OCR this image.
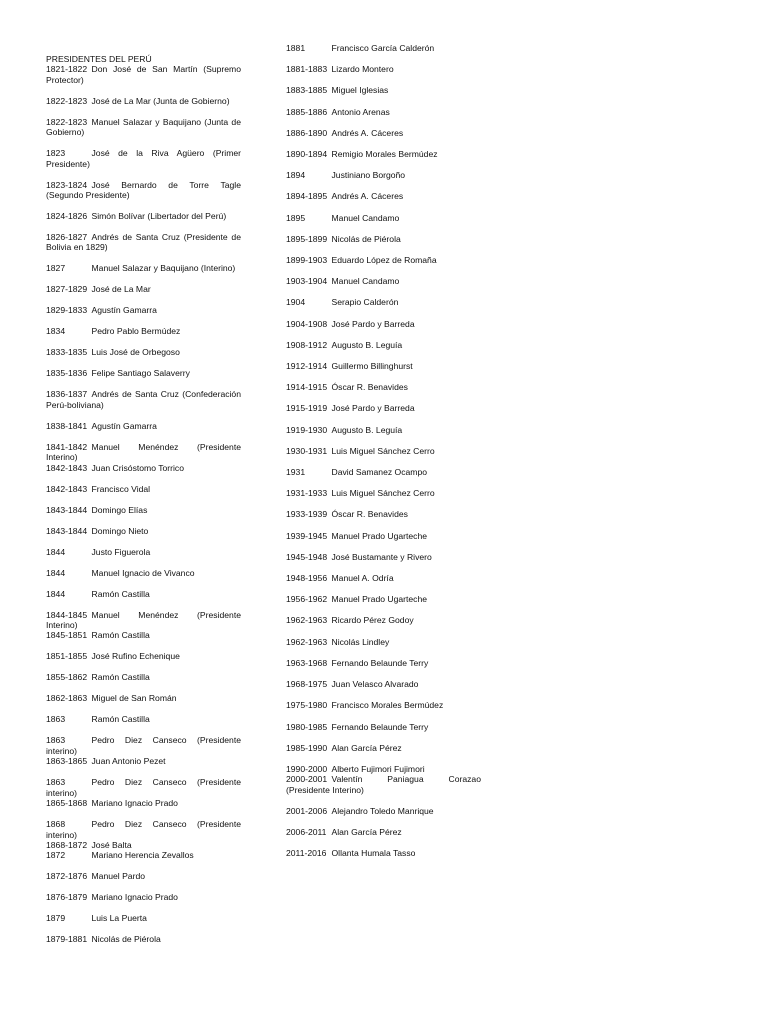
PRESIDENTES DEL PERÚ
1821-1822 Don José de San Martín (Supremo Protector)
1822-1823 José de La Mar (Junta de Gobierno)
1822-1823 Manuel Salazar y Baquijano (Junta de Gobierno)
1823	José de la Riva Agüero (Primer Presidente)
1823-1824 José Bernardo de Torre Tagle (Segundo Presidente)
1824-1826 Simón Bolívar (Libertador del Perú)
1826-1827 Andrés de Santa Cruz (Presidente de Bolivia en 1829)
1827	Manuel Salazar y Baquijano (Interino)
1827-1829 José de La Mar
1829-1833 Agustín Gamarra
1834	Pedro Pablo Bermúdez
1833-1835 Luis José de Orbegoso
1835-1836 Felipe Santiago Salaverry
1836-1837 Andrés de Santa Cruz (Confederación Perú-boliviana)
1838-1841 Agustín Gamarra
1841-1842 Manuel Menéndez (Presidente Interino)
1842-1843 Juan Crisóstomo Torrico
1842-1843 Francisco Vidal
1843-1844 Domingo Elías
1843-1844 Domingo Nieto
1844	Justo Figuerola
1844	Manuel Ignacio de Vivanco
1844	Ramón Castilla
1844-1845 Manuel Menéndez (Presidente Interino)
1845-1851 Ramón Castilla
1851-1855 José Rufino Echenique
1855-1862 Ramón Castilla
1862-1863 Miguel de San Román
1863	Ramón Castilla
1863	Pedro Diez Canseco (Presidente interino)
1863-1865 Juan Antonio Pezet
1863	Pedro Diez Canseco (Presidente interino)
1865-1868 Mariano Ignacio Prado
1868	Pedro Diez Canseco (Presidente interino)
1868-1872 José Balta
1872	Mariano Herencia Zevallos
1872-1876 Manuel Pardo
1876-1879 Mariano Ignacio Prado
1879	Luis La Puerta
1879-1881 Nicolás de Piérola
1881	Francisco García Calderón
1881-1883 Lizardo Montero
1883-1885 Miguel Iglesias
1885-1886 Antonio Arenas
1886-1890 Andrés A. Cáceres
1890-1894 Remigio Morales Bermúdez
1894	Justiniano Borgoño
1894-1895 Andrés A. Cáceres
1895	Manuel Candamo
1895-1899 Nicolás de Piérola
1899-1903 Eduardo López de Romaña
1903-1904 Manuel Candamo
1904	Serapio Calderón
1904-1908 José Pardo y Barreda
1908-1912 Augusto B. Leguía
1912-1914 Guillermo Billinghurst
1914-1915 Óscar R. Benavides
1915-1919 José Pardo y Barreda
1919-1930 Augusto B. Leguía
1930-1931 Luis Miguel Sánchez Cerro
1931	David Samanez Ocampo
1931-1933 Luis Miguel Sánchez Cerro
1933-1939 Óscar R. Benavides
1939-1945 Manuel Prado Ugarteche
1945-1948 José Bustamante y Rivero
1948-1956 Manuel A. Odría
1956-1962 Manuel Prado Ugarteche
1962-1963 Ricardo Pérez Godoy
1962-1963 Nicolás Lindley
1963-1968 Fernando Belaunde Terry
1968-1975 Juan Velasco Alvarado
1975-1980 Francisco Morales Bermúdez
1980-1985 Fernando Belaunde Terry
1985-1990 Alan García Pérez
1990-2000 Alberto Fujimori Fujimori
2000-2001 Valentín Paniagua Corazao (Presidente Interino)
2001-2006 Alejandro Toledo Manrique
2006-2011 Alan García Pérez
2011-2016 Ollanta Humala Tasso
